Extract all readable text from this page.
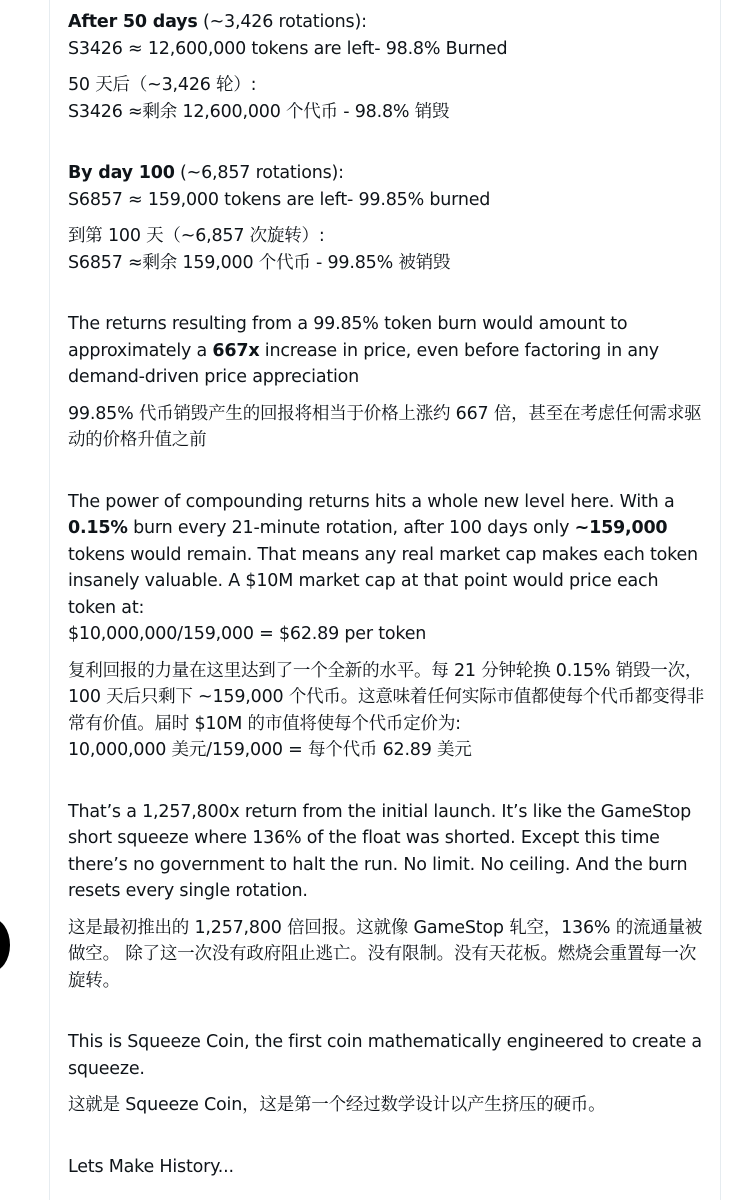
After 50 days (~3,426 rotations):

S3426 ≈ 12,600,000 tokens are left- 98.8% Burned

50 天后（~3,426 轮）:
S3426 ≈剩余 12,600,000 个代币 - 98.8% 销毁

By day 100 (~6,857 rotations):

S6857 ≈ 159,000 tokens are left- 99.85% burned

到第 100 天（~6,857 次旋转）:
S6857 ≈剩余 159,000 个代币 - 99.85% 被销毁

The returns resulting from a 99.85% token burn would amount to approximately a 667x increase in price, even before factoring in any demand-driven price appreciation

99.85% 代币销毁产生的回报将相当于价格上涨约 667 倍，甚至在考虑任何需求驱动的价格升值之前

The power of compounding returns hits a whole new level here. With a 0.15% burn every 21-minute rotation, after 100 days only ~159,000 tokens would remain. That means any real market cap makes each token insanely valuable. A $10M market cap at that point would price each token at:
$10,000,000/159,000 = $62.89 per token

复利回报的力量在这里达到了一个全新的水平。每 21 分钟轮换 0.15% 销毁一次，100 天后只剩下 ~159,000 个代币。这意味着任何实际市值都使每个代币都变得非常有价值。届时 $10M 的市值将使每个代币定价为:
10,000,000 美元/159,000 = 每个代币 62.89 美元

That’s a 1,257,800x return from the initial launch. It’s like the GameStop short squeeze where 136% of the float was shorted. Except this time there’s no government to halt the run. No limit. No ceiling. And the burn resets every single rotation.

这是最初推出的 1,257,800 倍回报。这就像 GameStop 轧空，136% 的流通量被做空。 除了这一次没有政府阻止逃亡。没有限制。没有天花板。燃烧会重置每一次旋转。

This is Squeeze Coin, the first coin mathematically engineered to create a squeeze.

这就是 Squeeze Coin，这是第一个经过数学设计以产生挤压的硬币。

Lets Make History...
